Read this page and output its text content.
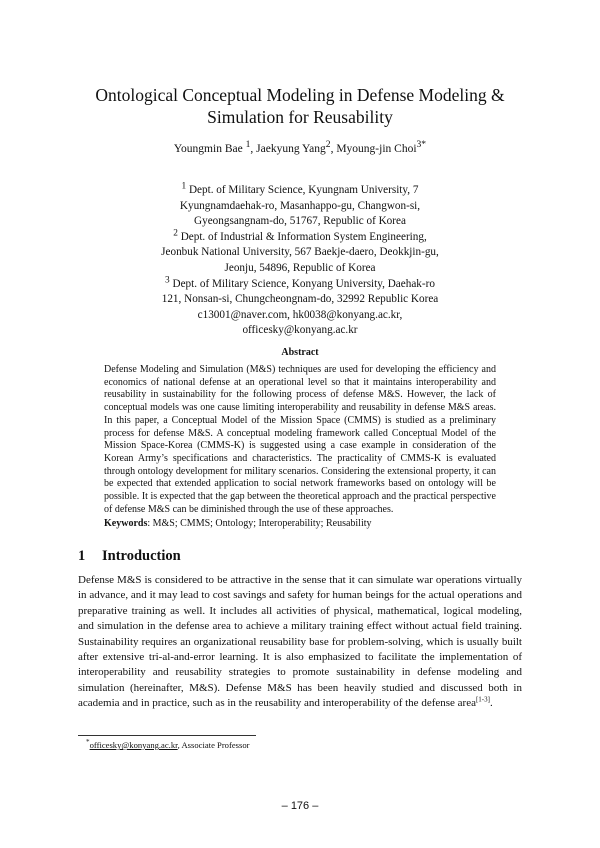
Ontological Conceptual Modeling in Defense Modeling &
Simulation for Reusability
Youngmin Bae $^1$, Jaekyung Yang$^2$, Myoung-jin Choi$^{3*}$
$^1$ Dept. of Military Science, Kyungnam University, 7
Kyungnamdaehak-ro, Masanhappo-gu, Changwon-si,
Gyeongsangnam-do, 51767, Republic of Korea
$^2$ Dept. of Industrial & Information System Engineering,
Jeonbuk National University, 567 Baekje-daero, Deokkjin-gu,
Jeonju, 54896, Republic of Korea
$^3$ Dept. of Military Science, Konyang University, Daehak-ro
121, Nonsan-si, Chungcheongnam-do, 32992 Republic Korea
c13001@naver.com, hk0038@konyang.ac.kr,
officesky@konyang.ac.kr
Abstract
Defense Modeling and Simulation (M&S) techniques are used for developing the efficiency and economics of national defense at an operational level so that it maintains interoperability and reusability in sustainability for the following process of defense M&S. However, the lack of conceptual models was one cause limiting interoperability and reusability in defense M&S areas. In this paper, a Conceptual Model of the Mission Space (CMMS) is studied as a preliminary process for defense M&S. A conceptual modeling framework called Conceptual Model of the Mission Space-Korea (CMMS-K) is suggested using a case example in consideration of the Korean Army’s specifications and characteristics. The practicality of CMMS-K is evaluated through ontology development for military scenarios. Considering the extensional property, it can be expected that extended application to social network frameworks based on ontology will be possible. It is expected that the gap between the theoretical approach and the practical perspective of defense M&S can be diminished through the use of these approaches.
Keywords: M&S; CMMS; Ontology; Interoperability; Reusability
1 Introduction
Defense M&S is considered to be attractive in the sense that it can simulate war operations virtually in advance, and it may lead to cost savings and safety for human beings for the actual operations and preparative training as well. It includes all activities of physical, mathematical, logical modeling, and simulation in the defense area to achieve a military training effect without actual field training. Sustainability requires an organizational reusability base for problem-solving, which is usually built after extensive tri-al-and-error learning. It is also emphasized to facilitate the implementation of interoperability and reusability strategies to promote sustainability in defense modeling and simulation (hereinafter, M&S). Defense M&S has been heavily studied and discussed both in academia and in practice, such as in the reusability and interoperability of the defense area[1-3].
*officesky@konyang.ac.kr, Associate Professor
– 176 –
